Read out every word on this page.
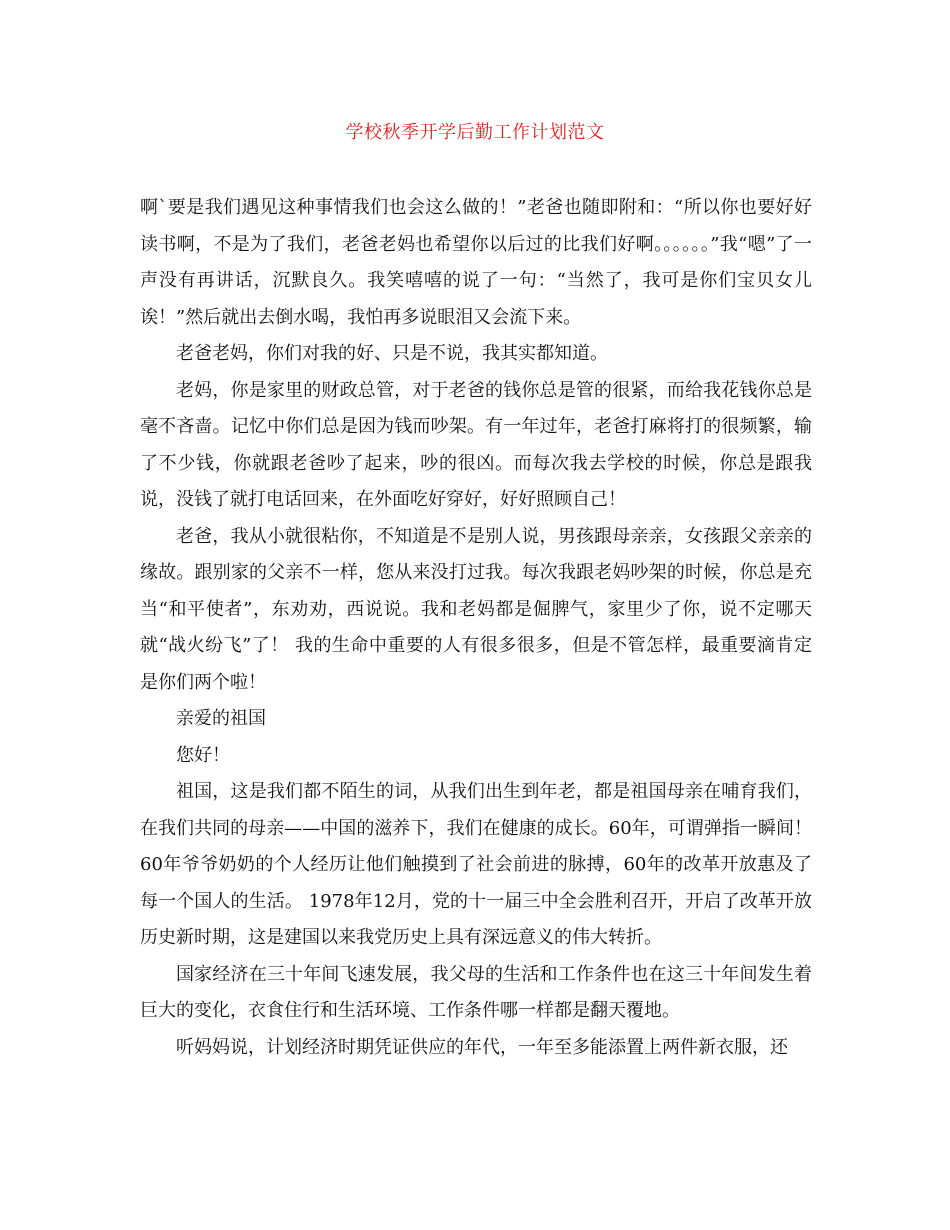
学校秋季开学后勤工作计划范文

啊`要是我们遇见这种事情我们也会这么做的！”老爸也随即附和：“所以你也要好好读书啊，不是为了我们，老爸老妈也希望你以后过的比我们好啊。。。。。。”我“嗯”了一声没有再讲话，沉默良久。我笑嘻嘻的说了一句：“当然了，我可是你们宝贝女儿诶！”然后就出去倒水喝，我怕再多说眼泪又会流下来。

老爸老妈，你们对我的好、只是不说，我其实都知道。

老妈，你是家里的财政总管，对于老爸的钱你总是管的很紧，而给我花钱你总是毫不吝啬。记忆中你们总是因为钱而吵架。有一年过年，老爸打麻将打的很频繁，输了不少钱，你就跟老爸吵了起来，吵的很凶。而每次我去学校的时候，你总是跟我说，没钱了就打电话回来，在外面吃好穿好，好好照顾自己！

老爸，我从小就很粘你，不知道是不是别人说，男孩跟母亲亲，女孩跟父亲亲的缘故。跟别家的父亲不一样，您从来没打过我。每次我跟老妈吵架的时候，你总是充当“和平使者”，东劝劝，西说说。我和老妈都是倔脾气，家里少了你，说不定哪天就“战火纷飞”了！ 我的生命中重要的人有很多很多，但是不管怎样，最重要滴肯定是你们两个啦！

亲爱的祖国

您好！

祖国，这是我们都不陌生的词，从我们出生到年老，都是祖国母亲在哺育我们，在我们共同的母亲——中国的滋养下，我们在健康的成长。60年，可谓弹指一瞬间！60年爷爷奶奶的个人经历让他们触摸到了社会前进的脉搏，60年的改革开放惠及了每一个国人的生活。 1978年12月，党的十一届三中全会胜利召开，开启了改革开放历史新时期，这是建国以来我党历史上具有深远意义的伟大转折。

国家经济在三十年间飞速发展，我父母的生活和工作条件也在这三十年间发生着巨大的变化，衣食住行和生活环境、工作条件哪一样都是翻天覆地。

听妈妈说，计划经济时期凭证供应的年代，一年至多能添置上两件新衣服，还
